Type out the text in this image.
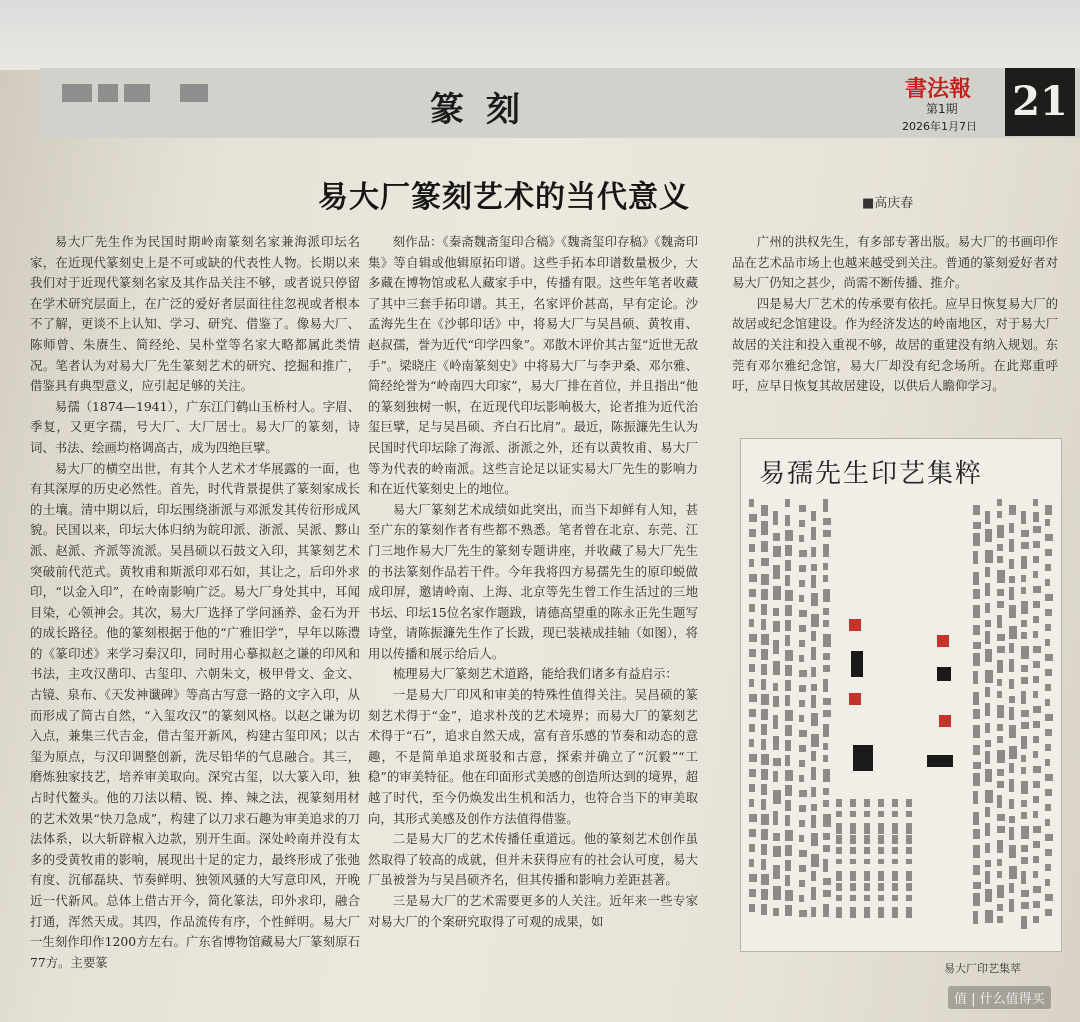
篆刻
書法報
第1期
2026年1月7日
21
易大厂篆刻艺术的当代意义	■高庆春

易大厂先生作为民国时期岭南篆刻名家兼海派印坛名家，在近现代篆刻史上是不可或缺的代表性人物。长期以来我们对于近现代篆刻名家及其作品关注不够，或者说只停留在学术研究层面上，在广泛的爱好者层面往往忽视或者根本不了解，更谈不上认知、学习、研究、借鉴了。像易大厂、陈师曾、朱赓生、简经纶、吴朴堂等名家大略都属此类情况。笔者认为对易大厂先生篆刻艺术的研究、挖掘和推广，借鉴具有典型意义，应引起足够的关注。

易孺（1874—1941），广东江门鹤山玉桥村人。字眉、季复，又更字孺，号大厂、大厂居士。易大厂的篆刻，诗词、书法、绘画均格调高古，成为四绝巨擘。

易大厂的横空出世，有其个人艺术才华展露的一面，也有其深厚的历史必然性。首先，时代背景提供了篆刻家成长的土壤。清中期以后，印坛围绕浙派与邓派发其传衍形成风貌。民国以来，印坛大体归纳为皖印派、浙派、吴派、黟山派、赵派、齐派等流派。吴昌硕以石鼓文入印，其篆刻艺术突破前代范式。黄牧甫和斯派印邓石如，其让之，后印外求印，“以金入印”，在岭南影响广泛。易大厂身处其中，耳闻目染，心领神会。其次，易大厂选择了学问涵养、金石为开的成长路径。他的篆刻根据于他的“广雅旧学”，早年以陈澧的《篆印述》来学习秦汉印，同时用心摹拟赵之谦的印风和书法，主攻汉凿印、古玺印、六朝朱文，极甲骨文、金文、古镜、泉布、《天发神谶碑》等高古写意一路的文字入印，从而形成了简古自然，“入玺攻汉”的篆刻风格。以赵之谦为切入点，兼集三代吉金，借古玺开新风，构建古玺印风；以古玺为原点，与汉印调整创新，洗尽铅华的气息融合。其三，磨炼独家技艺，培养审美取向。深究古玺，以大篆入印，独占时代鳌头。他的刀法以精、锐、捧、辣之法，视篆刻用材的艺术效果“快刀急成”，构建了以刀求石趣为审美追求的刀法体系，以大斩辟椒入边款，别开生面。深处岭南并没有太多的受黄牧甫的影响，展现出十足的定力，最终形成了张弛有度、沉郁磊块、节奏鲜明、独领风骚的大写意印风，开晚近一代新风。总体上借古开今，简化篆法，印外求印，融合打通，浑然天成。其四，作品流传有序，个性鲜明。易大厂一生刻作印作1200方左右。广东省博物馆藏易大厂篆刻原石77方。主要篆

刻作品：《秦斋魏斋玺印合稿》《魏斋玺印存稿》《魏斋印集》等自辑或他辑原拓印谱。这些手拓本印谱数量极少，大多藏在博物馆或私人藏家手中，传播有限。这些年笔者收藏了其中三套手拓印谱。其王，名家评价甚高，早有定论。沙孟海先生在《沙邨印话》中，将易大厂与吴昌硕、黄牧甫、赵叔孺，誉为近代“印学四象”。邓散木评价其古玺“近世无敌手”。梁晓庄《岭南篆刻史》中将易大厂与李尹桑、邓尔雅、简经纶誉为“岭南四大印家”，易大厂排在首位，并且指出“他的篆刻独树一帜，在近现代印坛影响极大，论者推为近代治玺巨擘，足与吴昌硕、齐白石比肩”。最近，陈振濂先生认为民国时代印坛除了海派、浙派之外，还有以黄牧甫、易大厂等为代表的岭南派。这些言论足以证实易大厂先生的影响力和在近代篆刻史上的地位。

易大厂篆刻艺术成绩如此突出，而当下却鲜有人知，甚至广东的篆刻作者有些都不熟悉。笔者曾在北京、东莞、江门三地作易大厂先生的篆刻专题讲座，并收藏了易大厂先生的书法篆刻作品若干件。今年我将四方易孺先生的原印蜕做成印屏，邀请岭南、上海、北京等先生曾工作生活过的三地书坛、印坛15位名家作题跋，请德高望重的陈永正先生题写诗堂，请陈振濂先生作了长跋，现已装裱成挂轴（如图），将用以传播和展示给后人。

梳理易大厂篆刻艺术道路，能给我们诸多有益启示：

一是易大厂印风和审美的特殊性值得关注。吴昌硕的篆刻艺术得于“金”，追求朴茂的艺术境界；而易大厂的篆刻艺术得于“石”，追求自然天成，富有音乐感的节奏和动态的意趣，不是简单追求斑驳和古意，探索并确立了“沉毅”“工稳”的审美特征。他在印面形式美感的创造所达到的境界，超越了时代，至今仍焕发出生机和活力，也符合当下的审美取向，其形式美感及创作方法值得借鉴。

二是易大厂的艺术传播任重道远。他的篆刻艺术创作虽然取得了较高的成就，但并未获得应有的社会认可度，易大厂虽被誉为与吴昌硕齐名，但其传播和影响力差距甚著。

三是易大厂的艺术需要更多的人关注。近年来一些专家对易大厂的个案研究取得了可观的成果，如

广州的洪权先生，有多部专著出版。易大厂的书画印作品在艺术品市场上也越来越受到关注。普通的篆刻爱好者对易大厂仍知之甚少，尚需不断传播、推介。

四是易大厂艺术的传承要有依托。应早日恢复易大厂的故居或纪念馆建设。作为经济发达的岭南地区，对于易大厂故居的关注和投入重视不够，故居的重建没有纳入规划。东莞有邓尔雅纪念馆，易大厂却没有纪念场所。在此郑重呼吁，应早日恢复其故居建设，以供后人瞻仰学习。

易孺先生印艺集粹
易大厂印艺集萃
值 | 什么值得买
